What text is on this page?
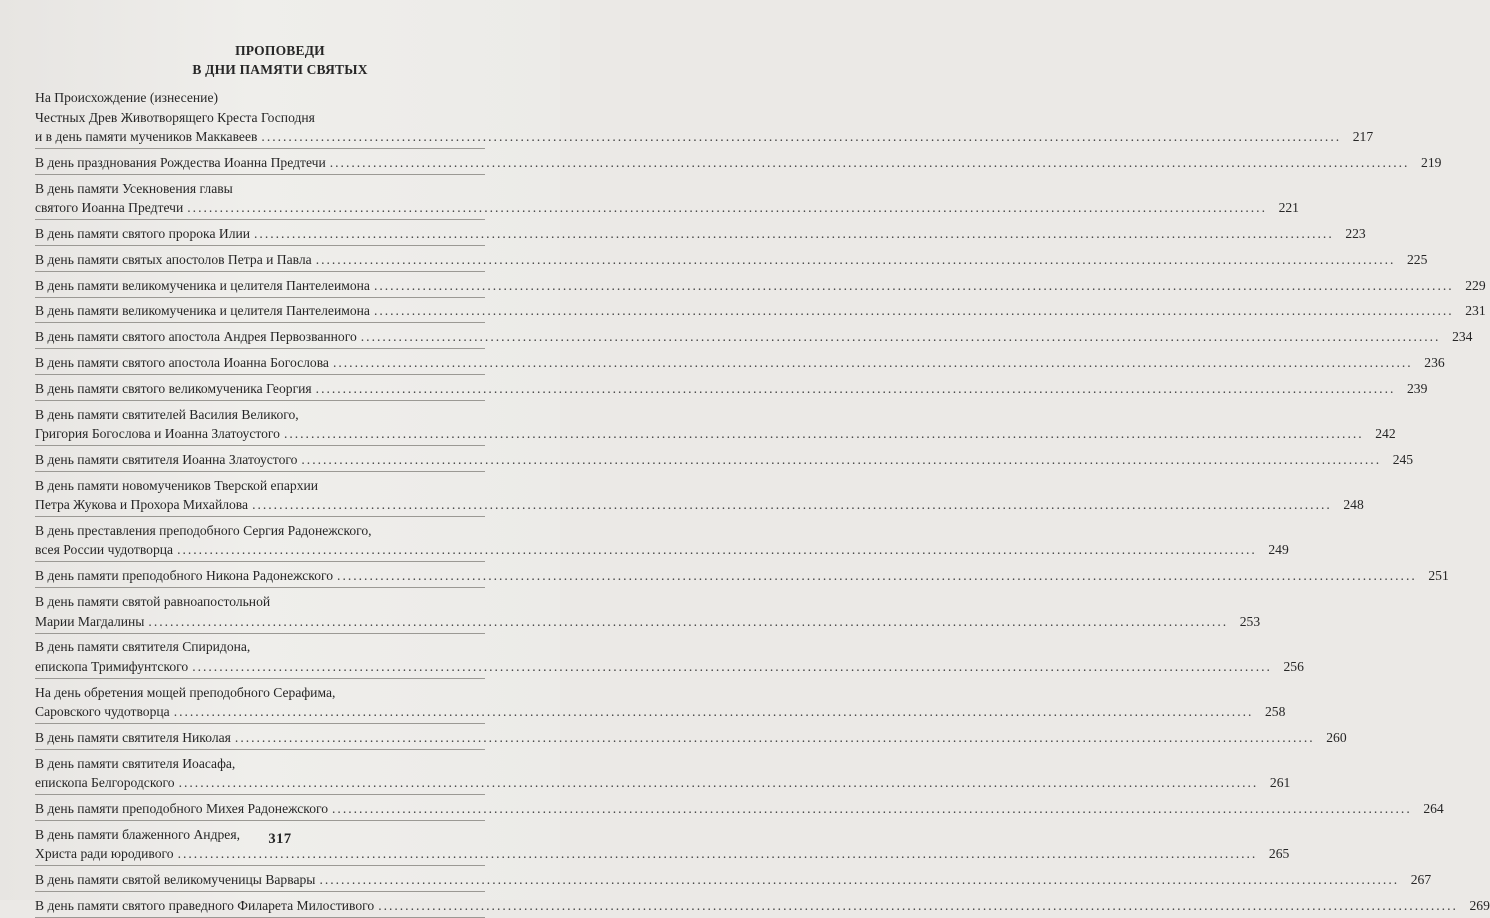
ПРОПОВЕДИ
В ДНИ ПАМЯТИ СВЯТЫХ
На Происхождение (изнесение)
Честных Древ Животворящего Креста Господня
и в день памяти мучеников Маккавеев ........................................................................................................................................................................................................ 217
В день празднования Рождества Иоанна Предтечи ........................................................................................................................................................................................................ 219
В день памяти Усекновения главы
святого Иоанна Предтечи ........................................................................................................................................................................................................ 221
В день памяти святого пророка Илии ........................................................................................................................................................................................................ 223
В день памяти святых апостолов Петра и Павла ........................................................................................................................................................................................................ 225
В день памяти великомученика и целителя Пантелеимона ........................................................................................................................................................................................................ 229
В день памяти великомученика и целителя Пантелеимона ........................................................................................................................................................................................................ 231
В день памяти святого апостола Андрея Первозванного ........................................................................................................................................................................................................ 234
В день памяти святого апостола Иоанна Богослова ........................................................................................................................................................................................................ 236
В день памяти святого великомученика Георгия ........................................................................................................................................................................................................ 239
В день памяти святителей Василия Великого,
Григория Богослова и Иоанна Златоустого ........................................................................................................................................................................................................ 242
В день памяти святителя Иоанна Златоустого ........................................................................................................................................................................................................ 245
В день памяти новомучеников Тверской епархии
Петра Жукова и Прохора Михайлова ........................................................................................................................................................................................................ 248
В день преставления преподобного Сергия Радонежского,
всея России чудотворца ........................................................................................................................................................................................................ 249
В день памяти преподобного Никона Радонежского ........................................................................................................................................................................................................ 251
В день памяти святой равноапостольной
Марии Магдалины ........................................................................................................................................................................................................ 253
В день памяти святителя Спиридона,
епископа Тримифунтского ........................................................................................................................................................................................................ 256
На день обретения мощей преподобного Серафима,
Саровского чудотворца ........................................................................................................................................................................................................ 258
В день памяти святителя Николая ........................................................................................................................................................................................................ 260
В день памяти святителя Иоасафа,
епископа Белгородского ........................................................................................................................................................................................................ 261
В день памяти преподобного Михея Радонежского ........................................................................................................................................................................................................ 264
В день памяти блаженного Андрея,
Христа ради юродивого ........................................................................................................................................................................................................ 265
В день памяти святой великомученицы Варвары ........................................................................................................................................................................................................ 267
В день памяти святого праведного Филарета Милостивого ........................................................................................................................................................................................................ 269
317
